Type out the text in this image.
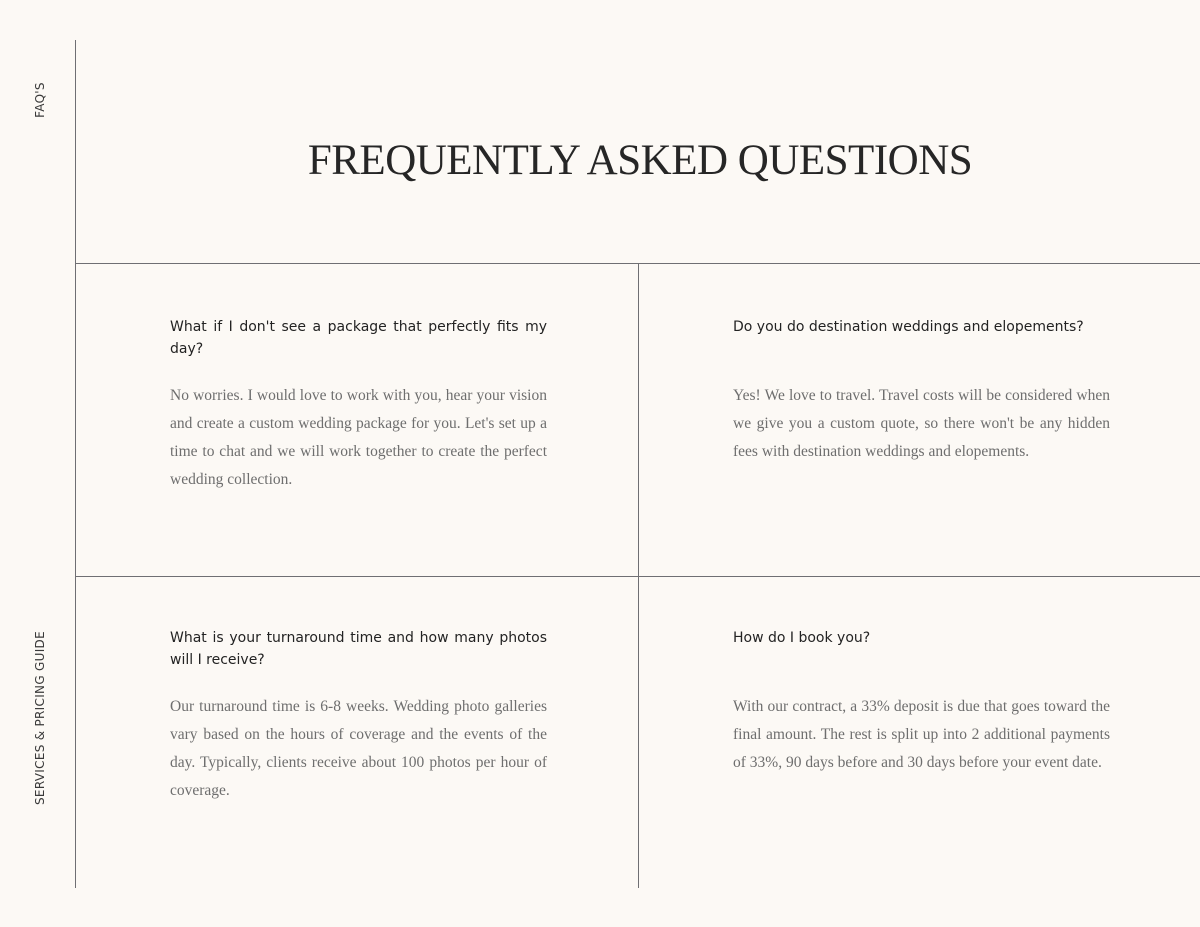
FAQ'S
SERVICES & PRICING GUIDE
FREQUENTLY ASKED QUESTIONS

What if I don't see a package that perfectly fits my day?

No worries. I would love to work with you, hear your vision and create a custom wedding package for you. Let's set up a time to chat and we will work together to create the perfect wedding collection.

Do you do destination weddings and elopements?

Yes! We love to travel. Travel costs will be considered when we give you a custom quote, so there won't be any hidden fees with destination weddings and elopements.

What is your turnaround time and how many photos will I receive?

Our turnaround time is 6-8 weeks. Wedding photo galleries vary based on the hours of coverage and the events of the day. Typically, clients receive about 100 photos per hour of coverage.

How do I book you?

With our contract, a 33% deposit is due that goes toward the final amount. The rest is split up into 2 additional payments of 33%, 90 days before and 30 days before your event date.
